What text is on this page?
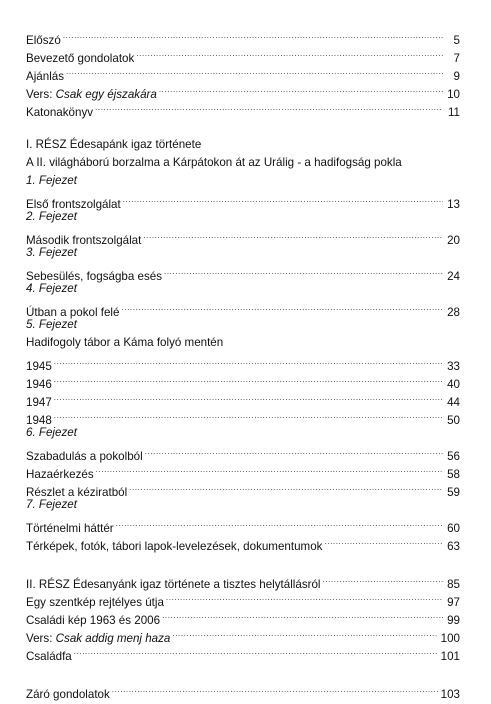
Előszó .....	5
Bevezető gondolatok .....	7
Ajánlás .....	9
Vers: Csak egy éjszakára .....	10
Katonakönyv .....	11
I. RÉSZ Édesapánk igaz története
A II. világháború borzalma a Kárpátokon át az Urálig - a hadifogság pokla
1. Fejezet
Első frontszolgálat .....	13
2. Fejezet
Második frontszolgálat .....	20
3. Fejezet
Sebesülés, fogságba esés .....	24
4. Fejezet
Útban a pokol felé .....	28
5. Fejezet
Hadifogoly tábor a Káma folyó mentén
1945 .....	33
1946 .....	40
1947 .....	44
1948 .....	50
6. Fejezet
Szabadulás a pokolból .....	56
Hazaérkezés .....	58
Részlet a kéziratból .....	59
7. Fejezet
Történelmi háttér .....	60
Térképek, fotók, tábori lapok-levelezések, dokumentumok .....	63
II. RÉSZ Édesanyánk igaz története a tisztes helytállásról .....	85
Egy szentkép rejtélyes útja .....	97
Családi kép 1963 és 2006 .....	99
Vers: Csak addig menj haza .....	100
Családfa .....	101
Záró gondolatok .....	103
